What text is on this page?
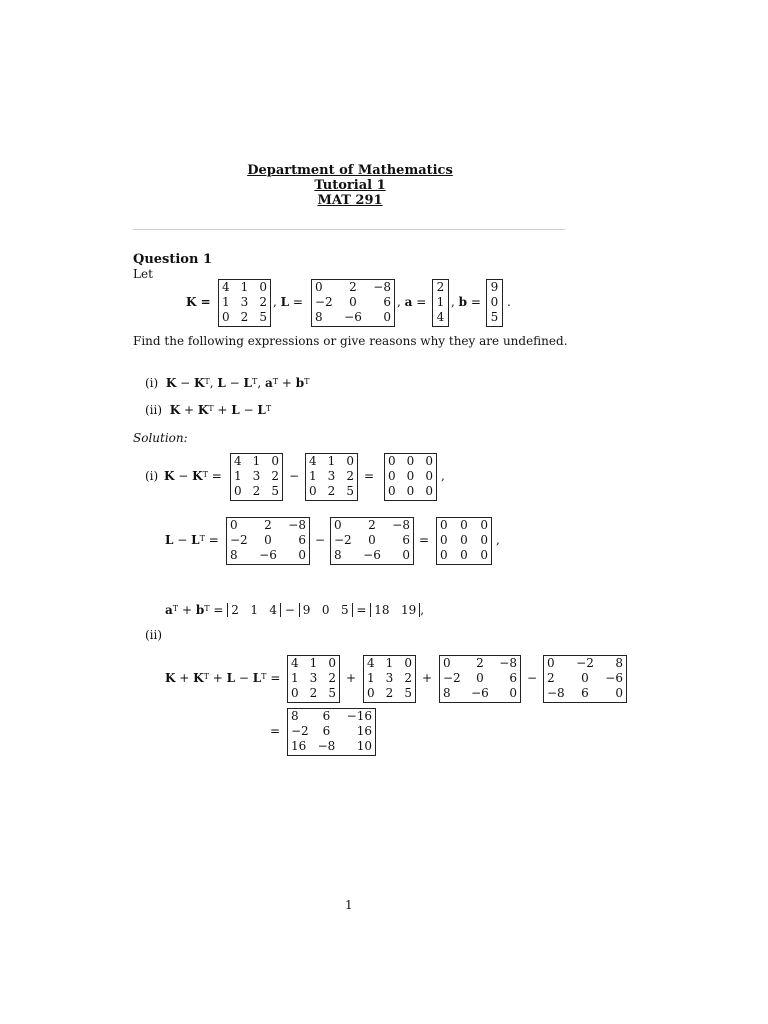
Department of Mathematics
Tutorial 1
MAT 291
Question 1
Let
K =
4	1	0
1	3	2
0	2	5
, L =
0	2	−8
−2	0	6
8	−6	0
, a =
2
1
4
, b =
9
0
5
.
Find the following expressions or give reasons why they are undefined.
(i) $K - K^T$, $L - L^T$, $a^T + b^T$
(ii) $K + K^T + L - L^T$
Solution:
(i) $K - K^T$ =
4	1	0
1	3	2
0	2	5
−
4	1	0
1	3	2
0	2	5
=
0	0	0
0	0	0
0	0	0
,
$L - L^T$ =
0	2	−8
−2	0	6
8	−6	0
−
0	2	−8
−2	0	6
8	−6	0
=
0	0	0
0	0	0
0	0	0
,
$a^T + b^T = 2$ 1 4 − 9 0 5 = 18 19 ,
(ii)
$K + K^T + L - L^T$ =
4	1	0
1	3	2
0	2	5
+
4	1	0
1	3	2
0	2	5
+
0	2	−8
−2	0	6
8	−6	0
−
0	−2	8
2	0	−6
−8	6	0
=
8	6	−16
−2	6	16
16	−8	10
1
